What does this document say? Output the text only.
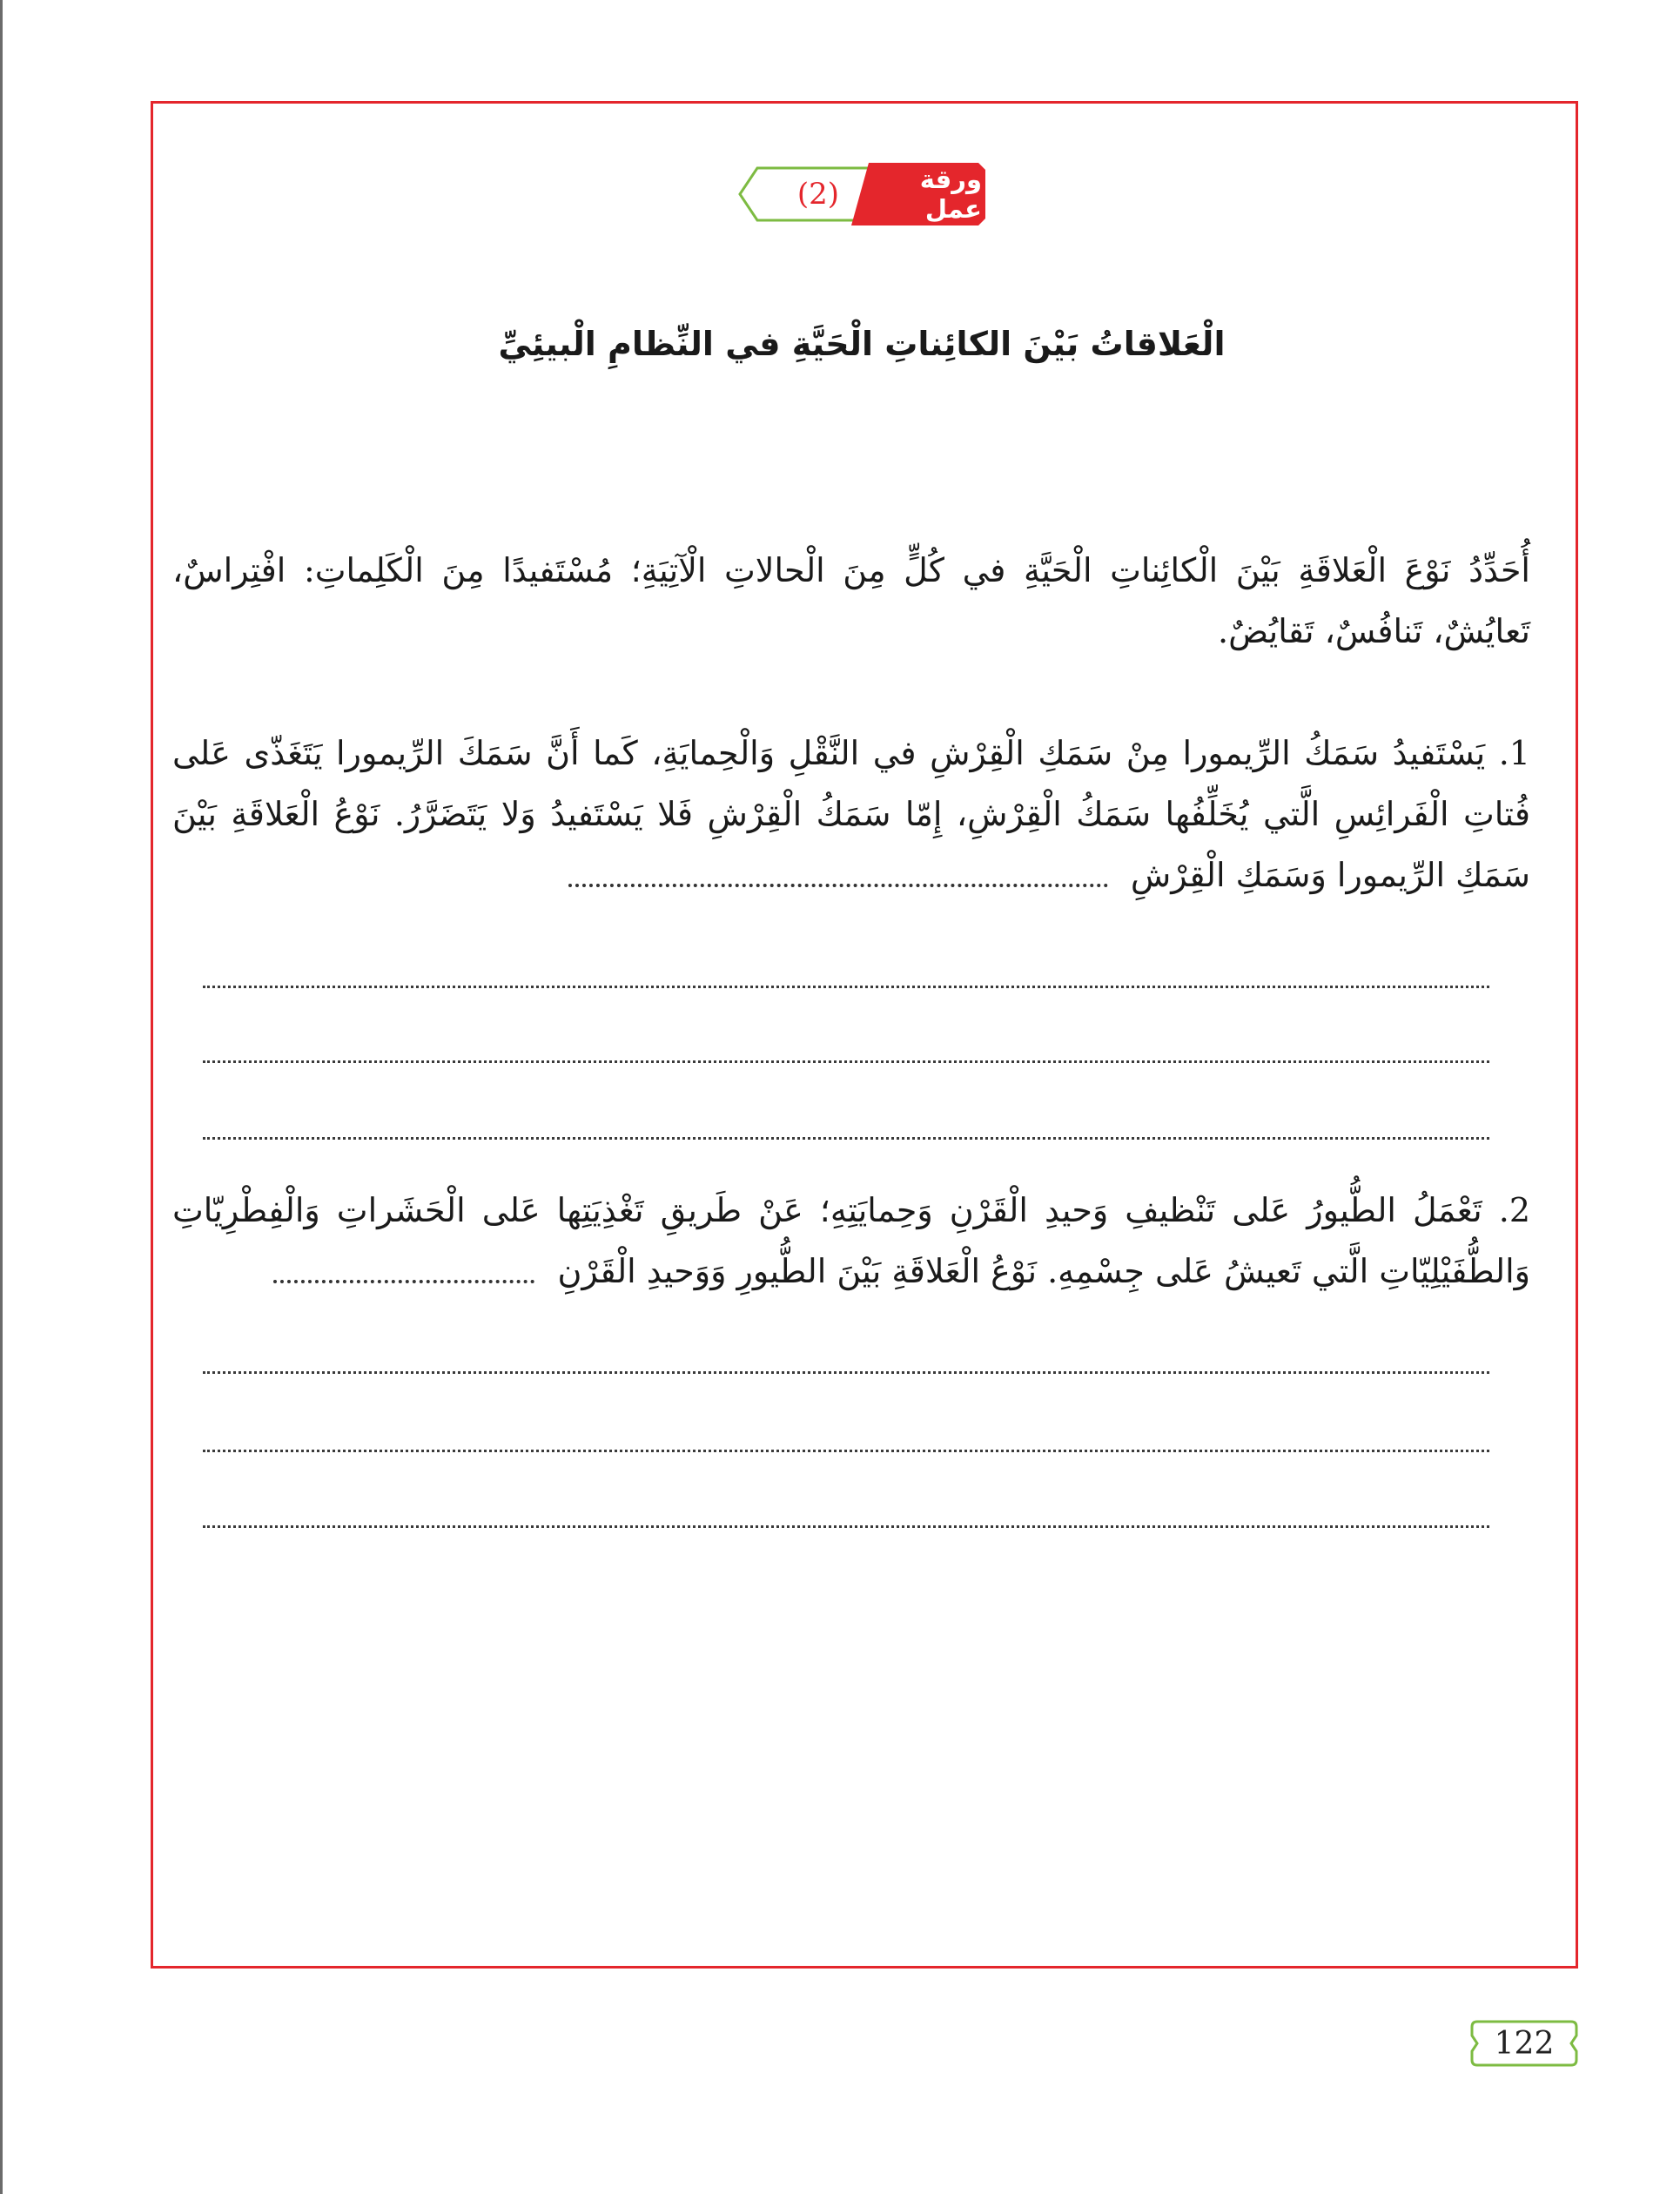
(2)	ورقة عمل
الْعَلاقاتُ بَيْنَ الكائِناتِ الْحَيَّةِ في النِّظامِ الْبيئِيِّ

أُحَدِّدُ نَوْعَ الْعَلاقَةِ بَيْنَ الْكائِناتِ الْحَيَّةِ في كُلٍّ مِنَ الْحالاتِ الْآتِيَةِ؛ مُسْتَفيدًا مِنَ الْكَلِماتِ: افْتِراسٌ، تَعايُشٌ، تَنافُسٌ، تَقايُضٌ.

1. يَسْتَفيدُ سَمَكُ الرِّيمورا مِنْ سَمَكِ الْقِرْشِ في النَّقْلِ وَالْحِمايَةِ، كَما أَنَّ سَمَكَ الرِّيمورا يَتَغَذّى عَلى فُتاتِ الْفَرائِسِ الَّتي يُخَلِّفُها سَمَكُ الْقِرْشِ، إِمّا سَمَكُ الْقِرْشِ فَلا يَسْتَفيدُ وَلا يَتَضَرَّرُ. نَوْعُ الْعَلاقَةِ بَيْنَ سَمَكِ الرِّيمورا وَسَمَكِ الْقِرْشِ

2. تَعْمَلُ الطُّيورُ عَلى تَنْظيفِ وَحيدِ الْقَرْنِ وَحِمايَتِهِ؛ عَنْ طَريقِ تَغْذِيَتِها عَلى الْحَشَراتِ وَالْفِطْرِيّاتِ وَالطُّفَيْلِيّاتِ الَّتي تَعيشُ عَلى جِسْمِهِ. نَوْعُ الْعَلاقَةِ بَيْنَ الطُّيورِ وَوَحيدِ الْقَرْنِ

122
